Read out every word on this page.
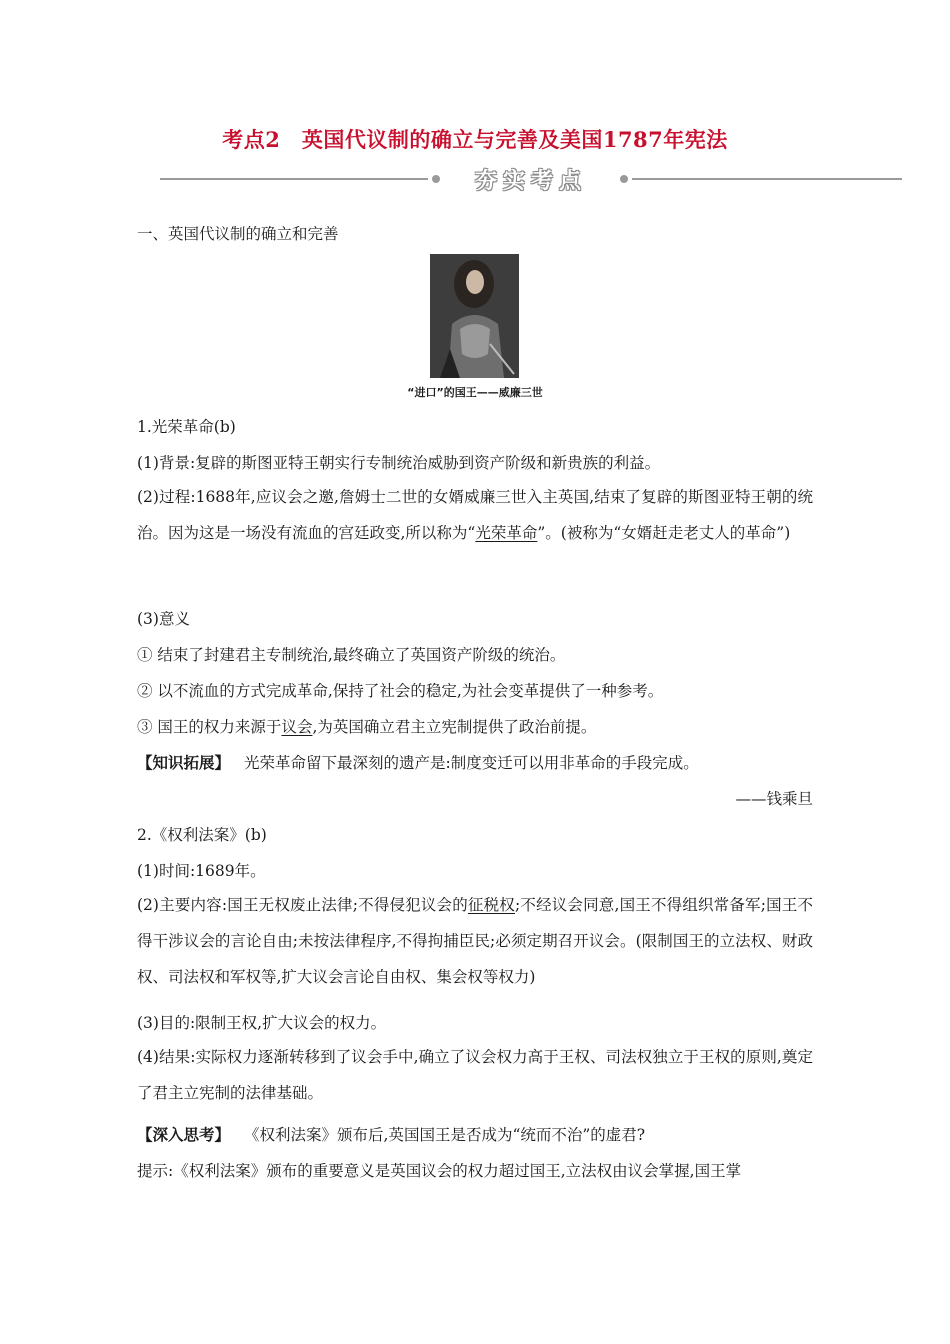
考点2　英国代议制的确立与完善及美国1787年宪法
夯实考点
一、英国代议制的确立和完善
“进口”的国王——威廉三世
1.光荣革命(b)
(1)背景:复辟的斯图亚特王朝实行专制统治威胁到资产阶级和新贵族的利益。
(2)过程:1688年,应议会之邀,詹姆士二世的女婿威廉三世入主英国,结束了复辟的斯图亚特王朝的统治。因为这是一场没有流血的宫廷政变,所以称为“光荣革命”。(被称为“女婿赶走老丈人的革命”)
(3)意义
① 结束了封建君主专制统治,最终确立了英国资产阶级的统治。
② 以不流血的方式完成革命,保持了社会的稳定,为社会变革提供了一种参考。
③ 国王的权力来源于议会,为英国确立君主立宪制提供了政治前提。
【知识拓展】 光荣革命留下最深刻的遗产是:制度变迁可以用非革命的手段完成。
——钱乘旦
2.《权利法案》(b)
(1)时间:1689年。
(2)主要内容:国王无权废止法律;不得侵犯议会的征税权;不经议会同意,国王不得组织常备军;国王不得干涉议会的言论自由;未按法律程序,不得拘捕臣民;必须定期召开议会。(限制国王的立法权、财政权、司法权和军权等,扩大议会言论自由权、集会权等权力)
(3)目的:限制王权,扩大议会的权力。
(4)结果:实际权力逐渐转移到了议会手中,确立了议会权力高于王权、司法权独立于王权的原则,奠定了君主立宪制的法律基础。
【深入思考】 《权利法案》颁布后,英国国王是否成为“统而不治”的虚君?
提示:《权利法案》颁布的重要意义是英国议会的权力超过国王,立法权由议会掌握,国王掌
